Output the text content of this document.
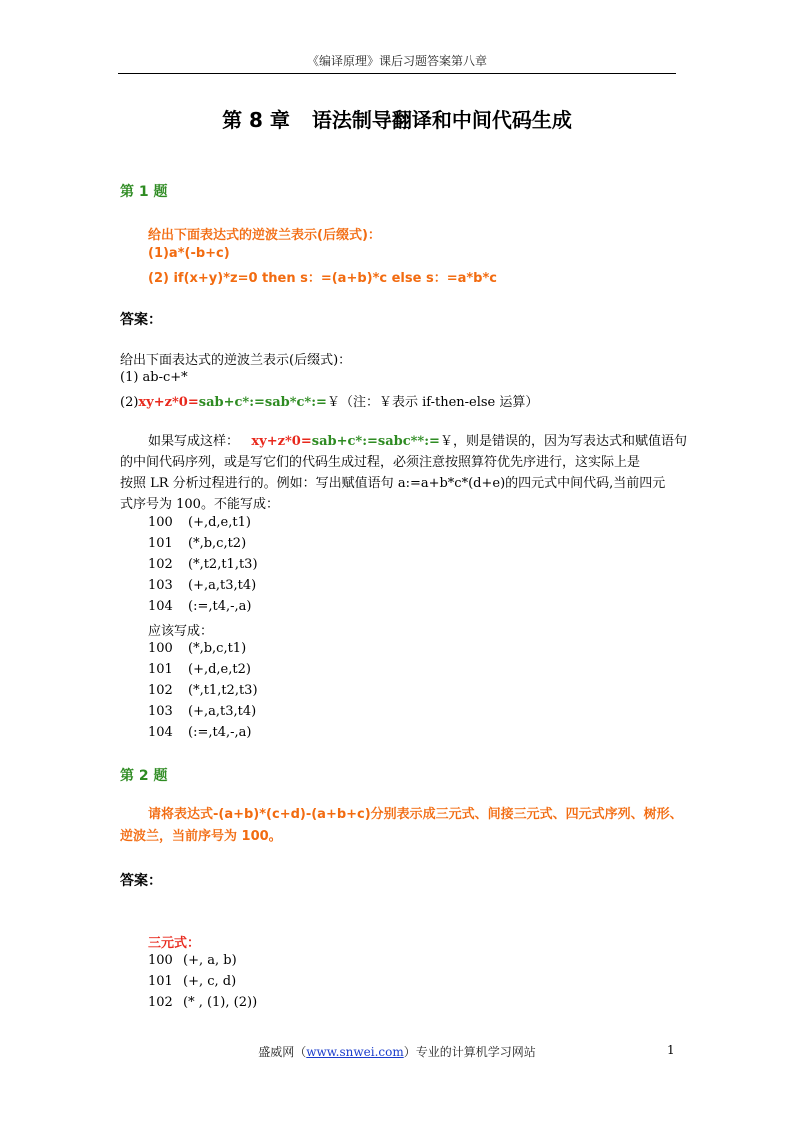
《编译原理》课后习题答案第八章
第 8 章 语法制导翻译和中间代码生成
第 1 题
给出下面表达式的逆波兰表示(后缀式)：
(1)a*(-b+c)
(2) if(x+y)*z=0 then s：=(a+b)*c else s：=a*b*c
答案：
给出下面表达式的逆波兰表示(后缀式)：
(1) ab-c+*
(2)xy+z*0=sab+c*:=sab*c*:=￥（注：￥表示 if-then-else 运算）
如果写成这样： xy+z*0=sab+c*:=sabc**:=￥，则是错误的，因为写表达式和赋值语句
的中间代码序列，或是写它们的代码生成过程，必须注意按照算符优先序进行，这实际上是
按照 LR 分析过程进行的。例如：写出赋值语句 a:=a+b*c*(d+e)的四元式中间代码,当前四元
式序号为 100。不能写成：
100 (+,d,e,t1)
101 (*,b,c,t2)
102 (*,t2,t1,t3)
103 (+,a,t3,t4)
104 (:=,t4,-,a)
应该写成：
100 (*,b,c,t1)
101 (+,d,e,t2)
102 (*,t1,t2,t3)
103 (+,a,t3,t4)
104 (:=,t4,-,a)
第 2 题
请将表达式-(a+b)*(c+d)-(a+b+c)分别表示成三元式、间接三元式、四元式序列、树形、
逆波兰，当前序号为 100。
答案：
三元式：
100 (+, a, b)
101 (+, c, d)
102 (* , (1), (2))
盛威网（www.snwei.com）专业的计算机学习网站	1
